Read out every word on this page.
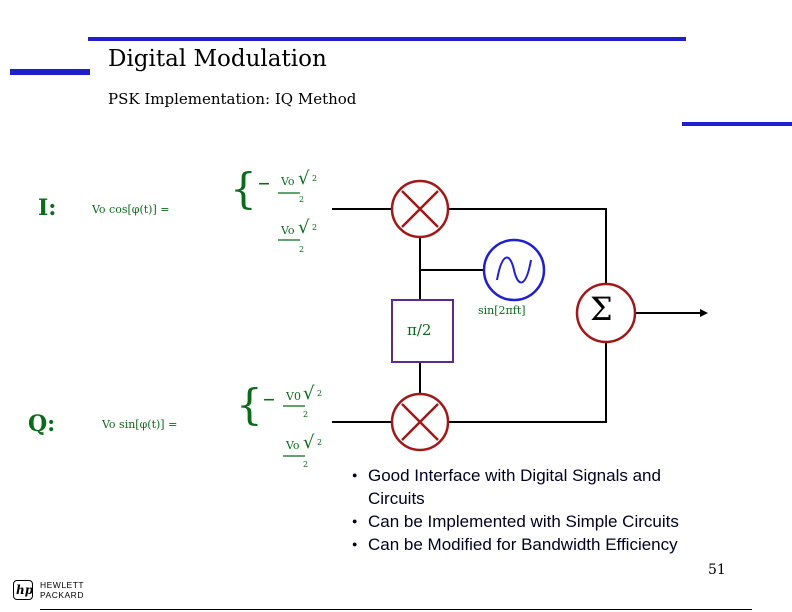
Digital Modulation
PSK Implementation: IQ Method
Σ
π/2
sin[2πft]
I:	Vo cos[φ(t)] = { – Vo √ 2
2
Vo √ 2
2
Q:	Vo sin[φ(t)] = { – V0 √ 2
2
Vo √ 2
2
● Good Interface with Digital Signals and Circuits
● Can be Implemented with Simple Circuits
● Can be Modified for Bandwidth Efficiency
51
hp HEWLETT
PACKARD
